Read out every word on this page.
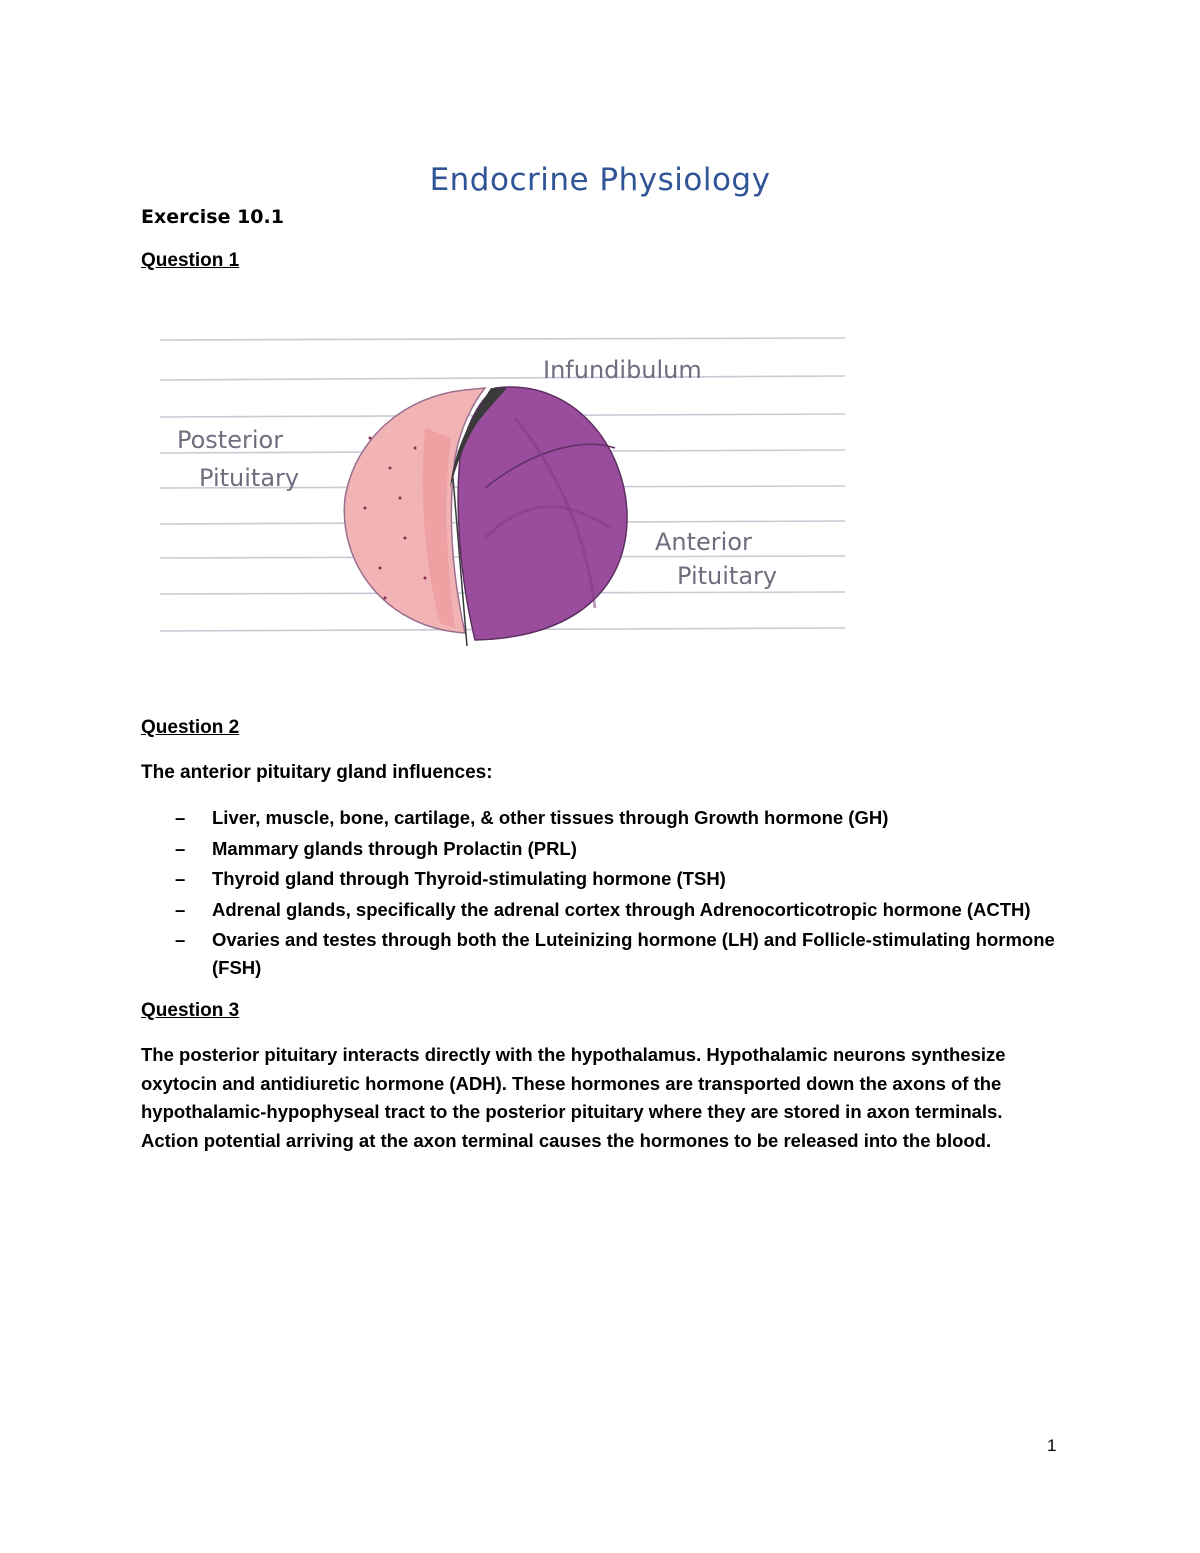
Endocrine Physiology
Exercise 10.1
Question 1
Infundibulum
Posterior
Pituitary
Anterior
Pituitary
Question 2
The anterior pituitary gland influences:
– Liver, muscle, bone, cartilage, & other tissues through Growth hormone (GH)
– Mammary glands through Prolactin (PRL)
– Thyroid gland through Thyroid-stimulating hormone (TSH)
– Adrenal glands, specifically the adrenal cortex through Adrenocorticotropic hormone (ACTH)
– Ovaries and testes through both the Luteinizing hormone (LH) and Follicle-stimulating hormone (FSH)
Question 3
The posterior pituitary interacts directly with the hypothalamus. Hypothalamic neurons synthesize oxytocin and antidiuretic hormone (ADH). These hormones are transported down the axons of the hypothalamic-hypophyseal tract to the posterior pituitary where they are stored in axon terminals. Action potential arriving at the axon terminal causes the hormones to be released into the blood.
1
